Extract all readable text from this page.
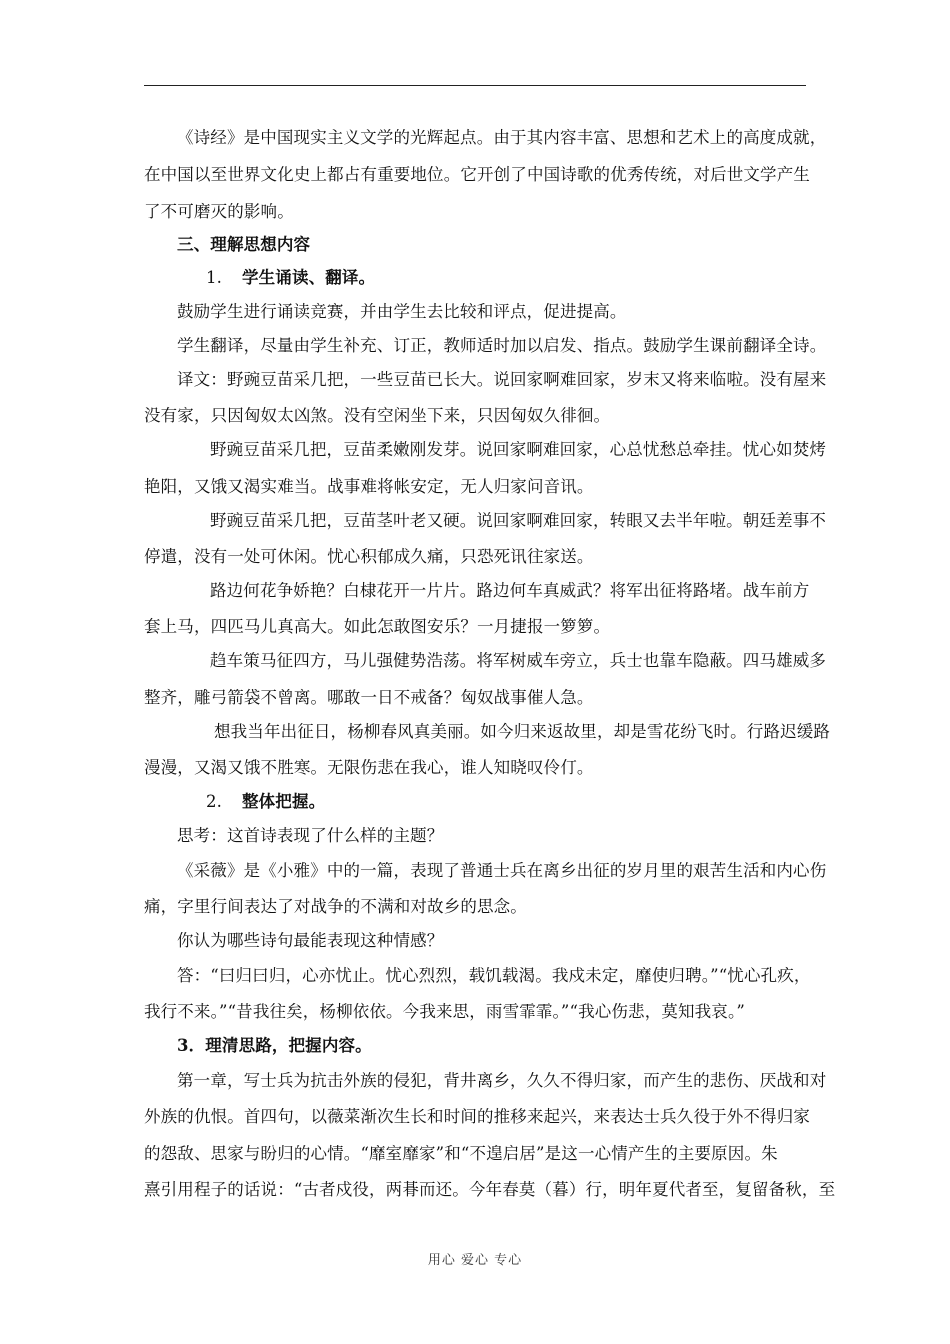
《诗经》是中国现实主义文学的光辉起点。由于其内容丰富、思想和艺术上的高度成就，
在中国以至世界文化史上都占有重要地位。它开创了中国诗歌的优秀传统，对后世文学产生
了不可磨灭的影响。
三、理解思想内容
1. 学生诵读、翻译。
鼓励学生进行诵读竞赛，并由学生去比较和评点，促进提高。
学生翻译，尽量由学生补充、订正，教师适时加以启发、指点。鼓励学生课前翻译全诗。
译文：野豌豆苗采几把，一些豆苗已长大。说回家啊难回家，岁末又将来临啦。没有屋来
没有家，只因匈奴太凶煞。没有空闲坐下来，只因匈奴久徘徊。
野豌豆苗采几把，豆苗柔嫩刚发芽。说回家啊难回家，心总忧愁总牵挂。忧心如焚烤
艳阳，又饿又渴实难当。战事难将帐安定，无人归家问音讯。
野豌豆苗采几把，豆苗茎叶老又硬。说回家啊难回家，转眼又去半年啦。朝廷差事不
停遣，没有一处可休闲。忧心积郁成久痛，只恐死讯往家送。
路边何花争娇艳？白棣花开一片片。路边何车真威武？将军出征将路堵。战车前方
套上马，四匹马儿真高大。如此怎敢图安乐？一月捷报一箩箩。
趋车策马征四方，马儿强健势浩荡。将军树威车旁立，兵士也靠车隐蔽。四马雄威多
整齐，雕弓箭袋不曾离。哪敢一日不戒备？匈奴战事催人急。
想我当年出征日，杨柳春风真美丽。如今归来返故里，却是雪花纷飞时。行路迟缓路
漫漫，又渴又饿不胜寒。无限伤悲在我心，谁人知晓叹伶仃。
2. 整体把握。
思考：这首诗表现了什么样的主题？
《采薇》是《小雅》中的一篇，表现了普通士兵在离乡出征的岁月里的艰苦生活和内心伤
痛，字里行间表达了对战争的不满和对故乡的思念。
你认为哪些诗句最能表现这种情感？
答：“曰归曰归，心亦忧止。忧心烈烈，载饥载渴。我戍未定，靡使归聘。”“忧心孔疚，
我行不来。”“昔我往矣，杨柳依依。今我来思，雨雪霏霏。”“我心伤悲，莫知我哀。”
3．理清思路，把握内容。
第一章，写士兵为抗击外族的侵犯，背井离乡，久久不得归家，而产生的悲伤、厌战和对
外族的仇恨。首四句，以薇菜渐次生长和时间的推移来起兴，来表达士兵久役于外不得归家
的怨敌、思家与盼归的心情。“靡室靡家”和“不遑启居”是这一心情产生的主要原因。朱
熹引用程子的话说：“古者戍役，两朞而还。今年春莫（暮）行，明年夏代者至，复留备秋，至
用心 爱心 专心
